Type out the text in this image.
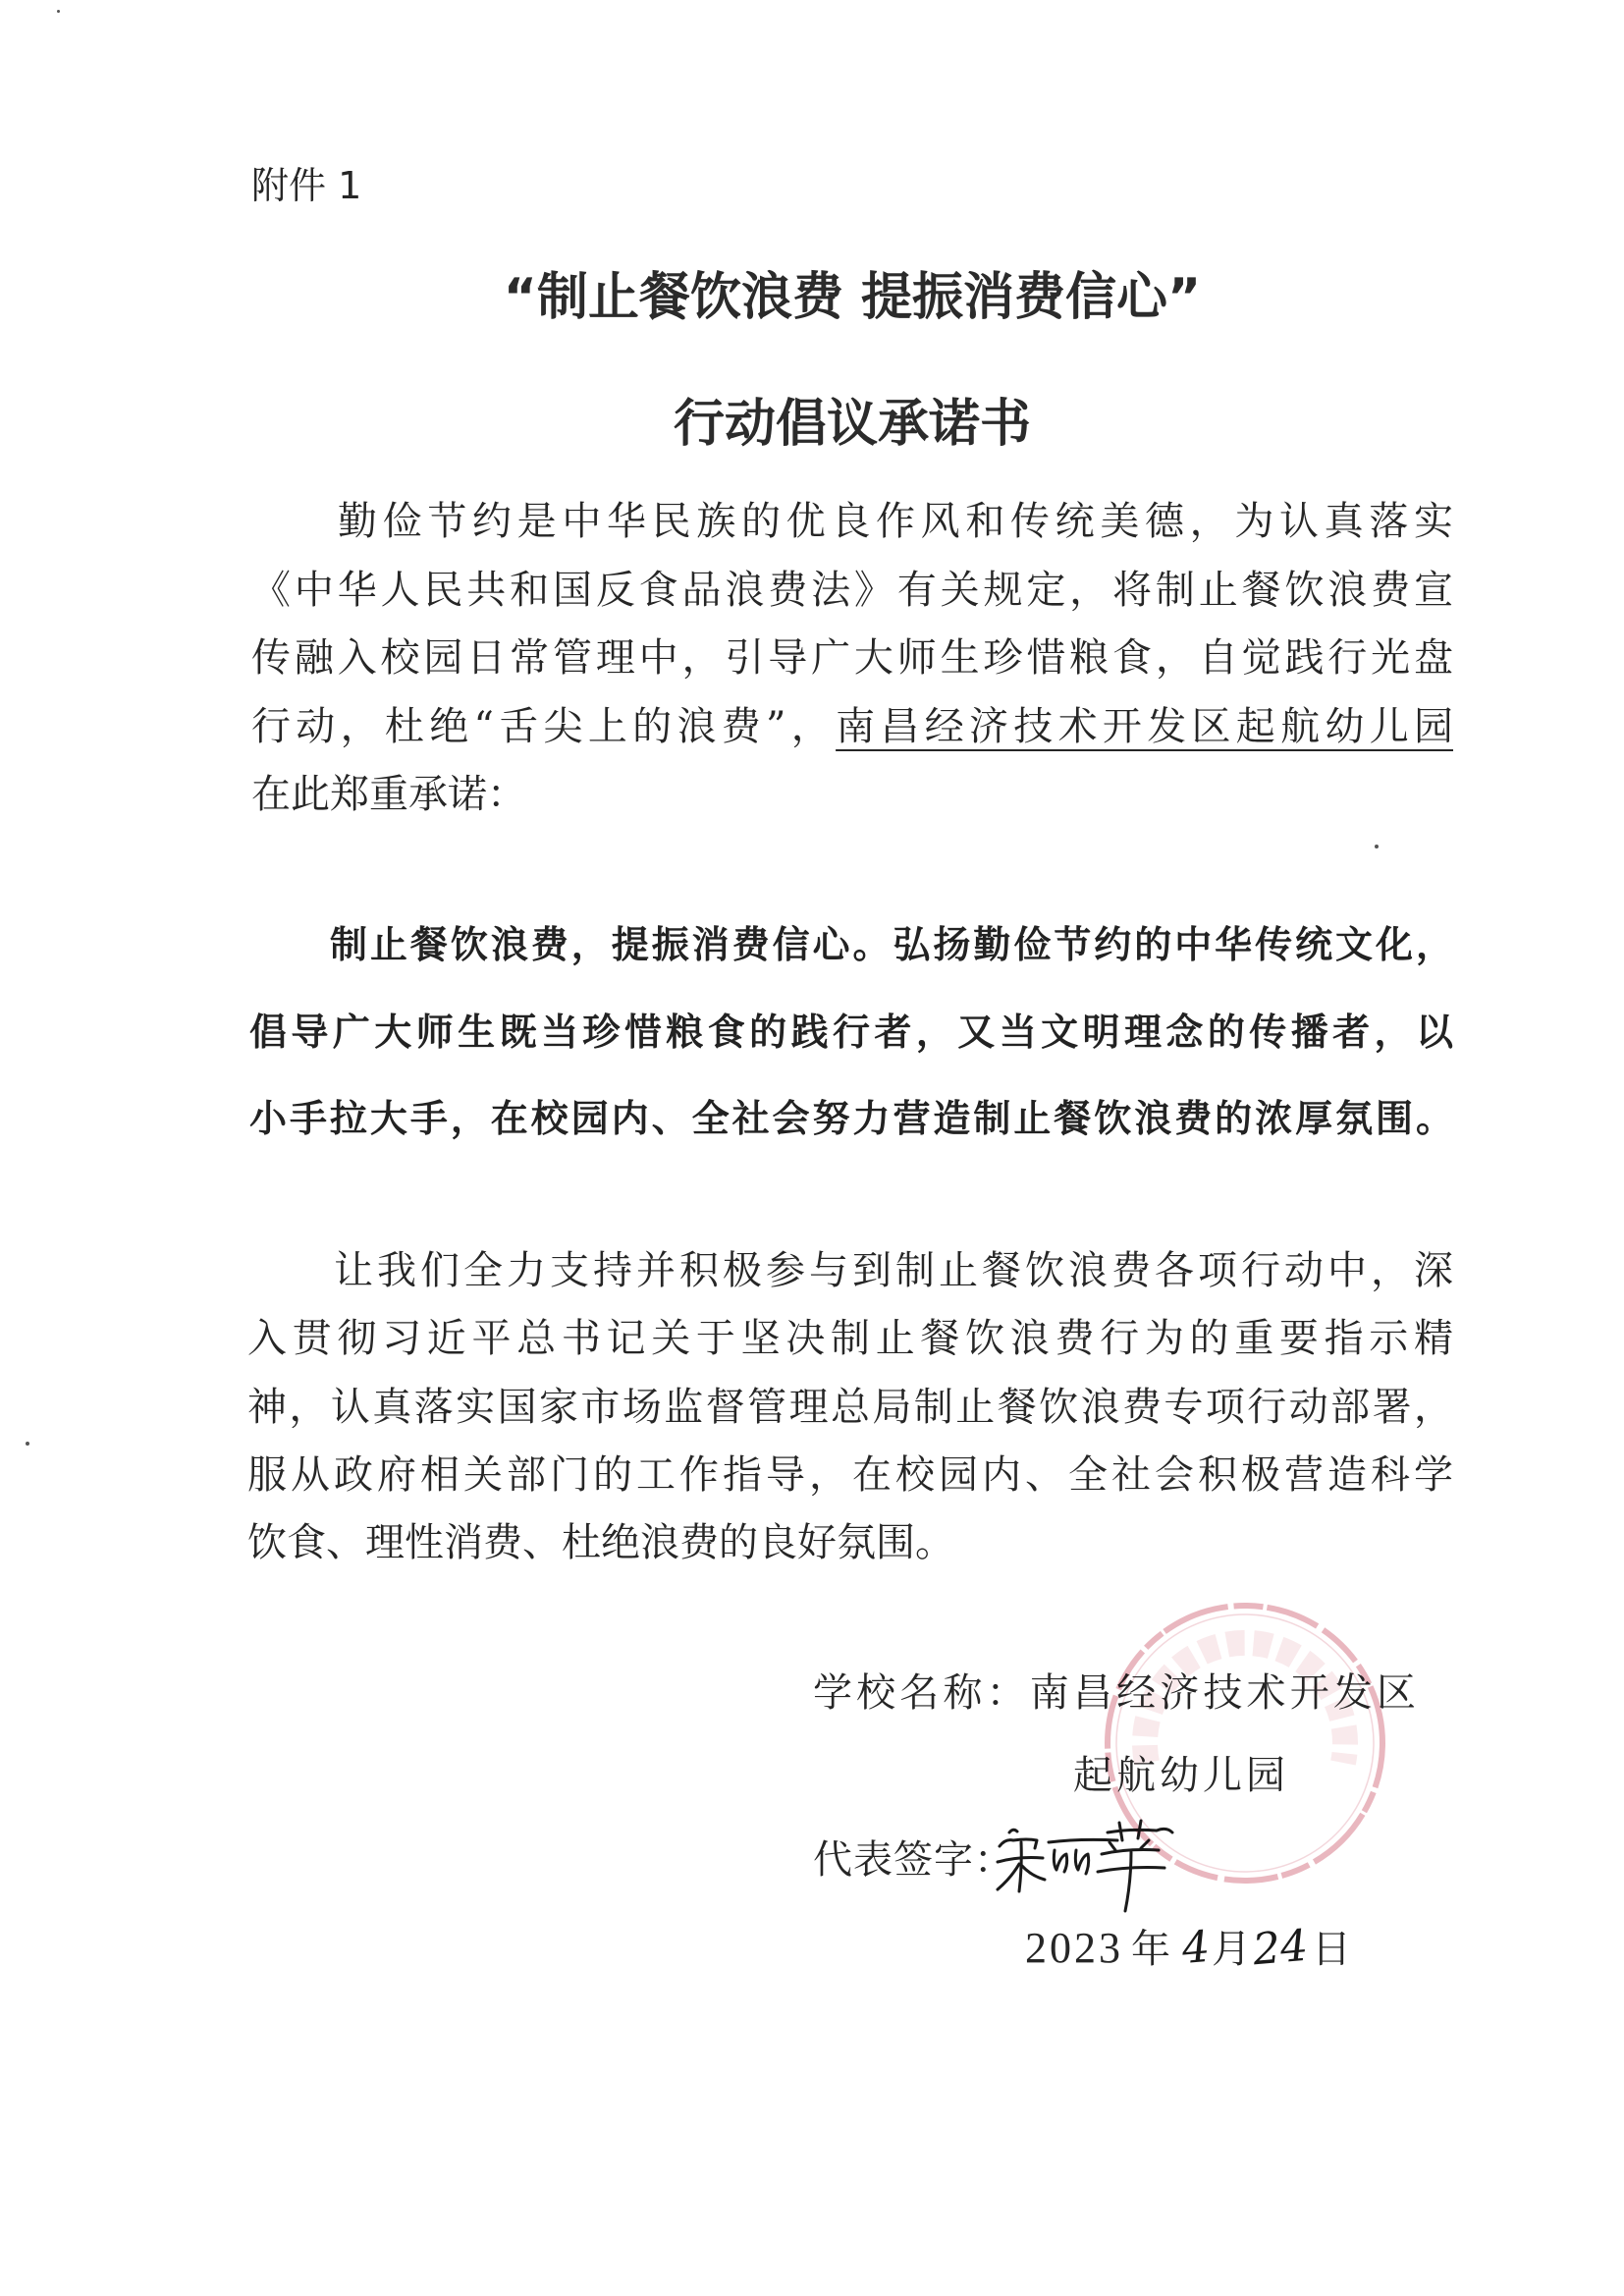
附件 1
“制止餐饮浪费 提振消费信心”
行动倡议承诺书
勤俭节约是中华民族的优良作风和传统美德，为认真落实
《中华人民共和国反食品浪费法》有关规定，将制止餐饮浪费宣
传融入校园日常管理中，引导广大师生珍惜粮食，自觉践行光盘
行动，杜绝“舌尖上的浪费”，南昌经济技术开发区起航幼儿园
在此郑重承诺：
制止餐饮浪费，提振消费信心。弘扬勤俭节约的中华传统文化，
倡导广大师生既当珍惜粮食的践行者，又当文明理念的传播者，以
小手拉大手，在校园内、全社会努力营造制止餐饮浪费的浓厚氛围。
让我们全力支持并积极参与到制止餐饮浪费各项行动中，深
入贯彻习近平总书记关于坚决制止餐饮浪费行为的重要指示精
神，认真落实国家市场监督管理总局制止餐饮浪费专项行动部署，
服从政府相关部门的工作指导，在校园内、全社会积极营造科学
饮食、理性消费、杜绝浪费的良好氛围。
学校名称：南昌经济技术开发区
起航幼儿园
代表签字：
2023 年 4月24日
